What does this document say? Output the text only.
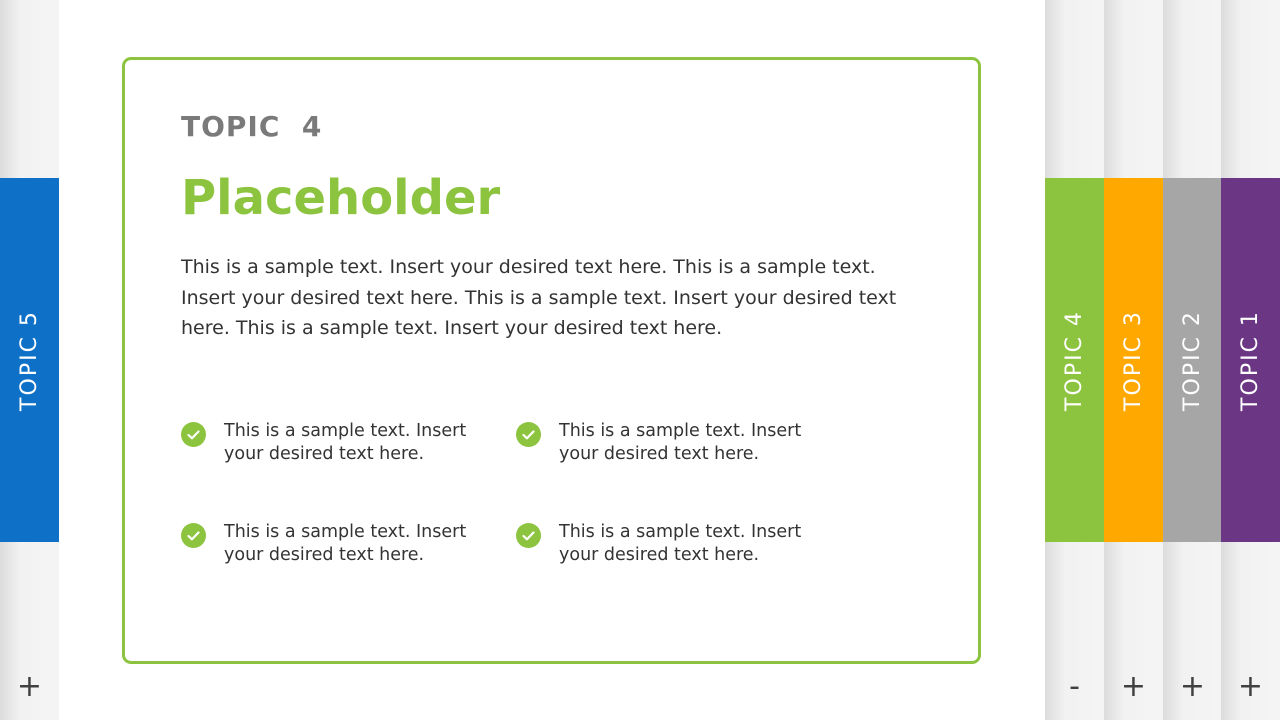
TOPIC 5
+
TOPIC 4
-
TOPIC 3
+
TOPIC 2
+
TOPIC 1
+
TOPIC  4
Placeholder
This is a sample text. Insert your desired text here. This is a sample text. Insert your desired text here. This is a sample text. Insert your desired text here. This is a sample text. Insert your desired text here.
This is a sample text. Insert your desired text here.
This is a sample text. Insert your desired text here.
This is a sample text. Insert your desired text here.
This is a sample text. Insert your desired text here.
